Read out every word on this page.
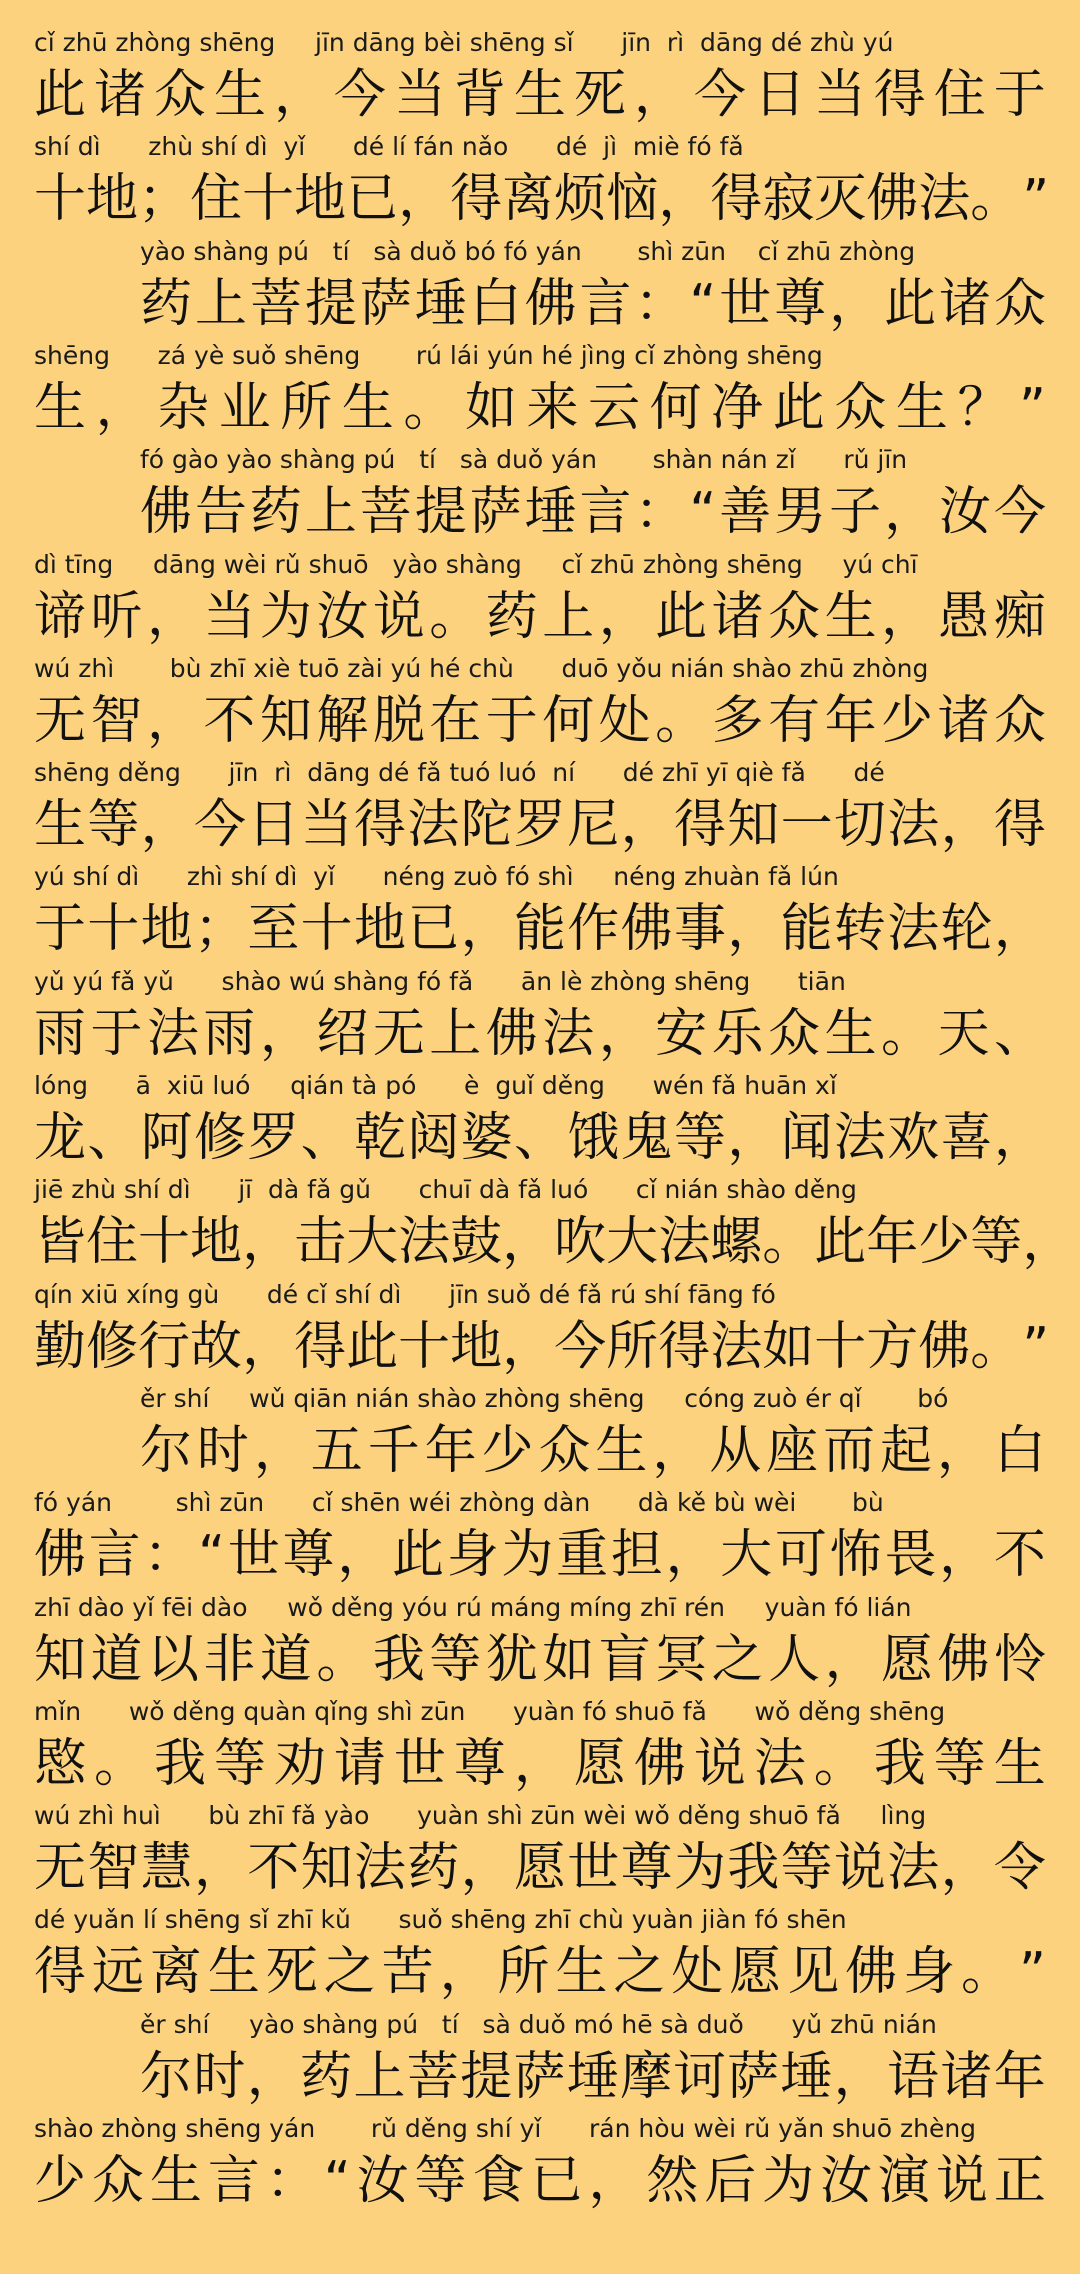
cǐ zhū zhòng shēng     jīn dāng bèi shēng sǐ      jīn  rì  dāng dé zhù yú
此 诸 众 生 ， 今 当 背 生 死 ， 今 日 当 得 住 于
shí dì      zhù shí dì  yǐ      dé lí fán nǎo      dé  jì  miè fó fǎ
十 地 ； 住 十 地 已 ， 得 离 烦 恼 ， 得 寂 灭 佛 法 。 ”
yào shàng pú   tí   sà duǒ bó fó yán       shì zūn    cǐ zhū zhòng
药 上 菩 提 萨 埵 白 佛 言 ： “ 世 尊 ， 此 诸 众
shēng      zá yè suǒ shēng       rú lái yún hé jìng cǐ zhòng shēng
生 ， 杂 业 所 生 。 如 来 云 何 净 此 众 生 ？ ”
fó gào yào shàng pú   tí   sà duǒ yán       shàn nán zǐ      rǔ jīn
佛 告 药 上 菩 提 萨 埵 言 ： “ 善 男 子 ， 汝 今
dì tīng     dāng wèi rǔ shuō   yào shàng     cǐ zhū zhòng shēng     yú chī
谛 听 ， 当 为 汝 说 。 药 上 ， 此 诸 众 生 ， 愚 痴
wú zhì       bù zhī xiè tuō zài yú hé chù      duō yǒu nián shào zhū zhòng
无 智 ， 不 知 解 脱 在 于 何 处 。 多 有 年 少 诸 众
shēng děng      jīn  rì  dāng dé fǎ tuó luó  ní      dé zhī yī qiè fǎ      dé
生 等 ， 今 日 当 得 法 陀 罗 尼 ， 得 知 一 切 法 ， 得
yú shí dì      zhì shí dì  yǐ      néng zuò fó shì     néng zhuàn fǎ lún
于 十 地 ； 至 十 地 已 ， 能 作 佛 事 ， 能 转 法 轮 ，
yǔ yú fǎ yǔ      shào wú shàng fó fǎ      ān lè zhòng shēng      tiān
雨 于 法 雨 ， 绍 无 上 佛 法 ， 安 乐 众 生 。 天 、
lóng      ā  xiū luó     qián tà pó      è  guǐ děng      wén fǎ huān xǐ
龙 、 阿 修 罗 、 乾 闼 婆 、 饿 鬼 等 ， 闻 法 欢 喜 ，
jiē zhù shí dì      jī  dà fǎ gǔ      chuī dà fǎ luó      cǐ nián shào děng
皆 住 十 地 ， 击 大 法 鼓 ， 吹 大 法 螺 。 此 年 少 等 ，
qín xiū xíng gù      dé cǐ shí dì      jīn suǒ dé fǎ rú shí fāng fó
勤 修 行 故 ， 得 此 十 地 ， 今 所 得 法 如 十 方 佛 。 ”
ěr shí     wǔ qiān nián shào zhòng shēng     cóng zuò ér qǐ       bó
尔 时 ， 五 千 年 少 众 生 ， 从 座 而 起 ， 白
fó yán        shì zūn      cǐ shēn wéi zhòng dàn      dà kě bù wèi       bù
佛 言 ： “ 世 尊 ， 此 身 为 重 担 ， 大 可 怖 畏 ， 不
zhī dào yǐ fēi dào     wǒ děng yóu rú máng míng zhī rén     yuàn fó lián
知 道 以 非 道 。 我 等 犹 如 盲 冥 之 人 ， 愿 佛 怜
mǐn      wǒ děng quàn qǐng shì zūn      yuàn fó shuō fǎ      wǒ děng shēng
愍 。 我 等 劝 请 世 尊 ， 愿 佛 说 法 。 我 等 生
wú zhì huì      bù zhī fǎ yào      yuàn shì zūn wèi wǒ děng shuō fǎ     lìng
无 智 慧 ， 不 知 法 药 ， 愿 世 尊 为 我 等 说 法 ， 令
dé yuǎn lí shēng sǐ zhī kǔ      suǒ shēng zhī chù yuàn jiàn fó shēn
得 远 离 生 死 之 苦 ， 所 生 之 处 愿 见 佛 身 。 ”
ěr shí     yào shàng pú   tí   sà duǒ mó hē sà duǒ      yǔ zhū nián
尔 时 ， 药 上 菩 提 萨 埵 摩 诃 萨 埵 ， 语 诸 年
shào zhòng shēng yán       rǔ děng shí yǐ      rán hòu wèi rǔ yǎn shuō zhèng
少 众 生 言 ： “ 汝 等 食 已 ， 然 后 为 汝 演 说 正
